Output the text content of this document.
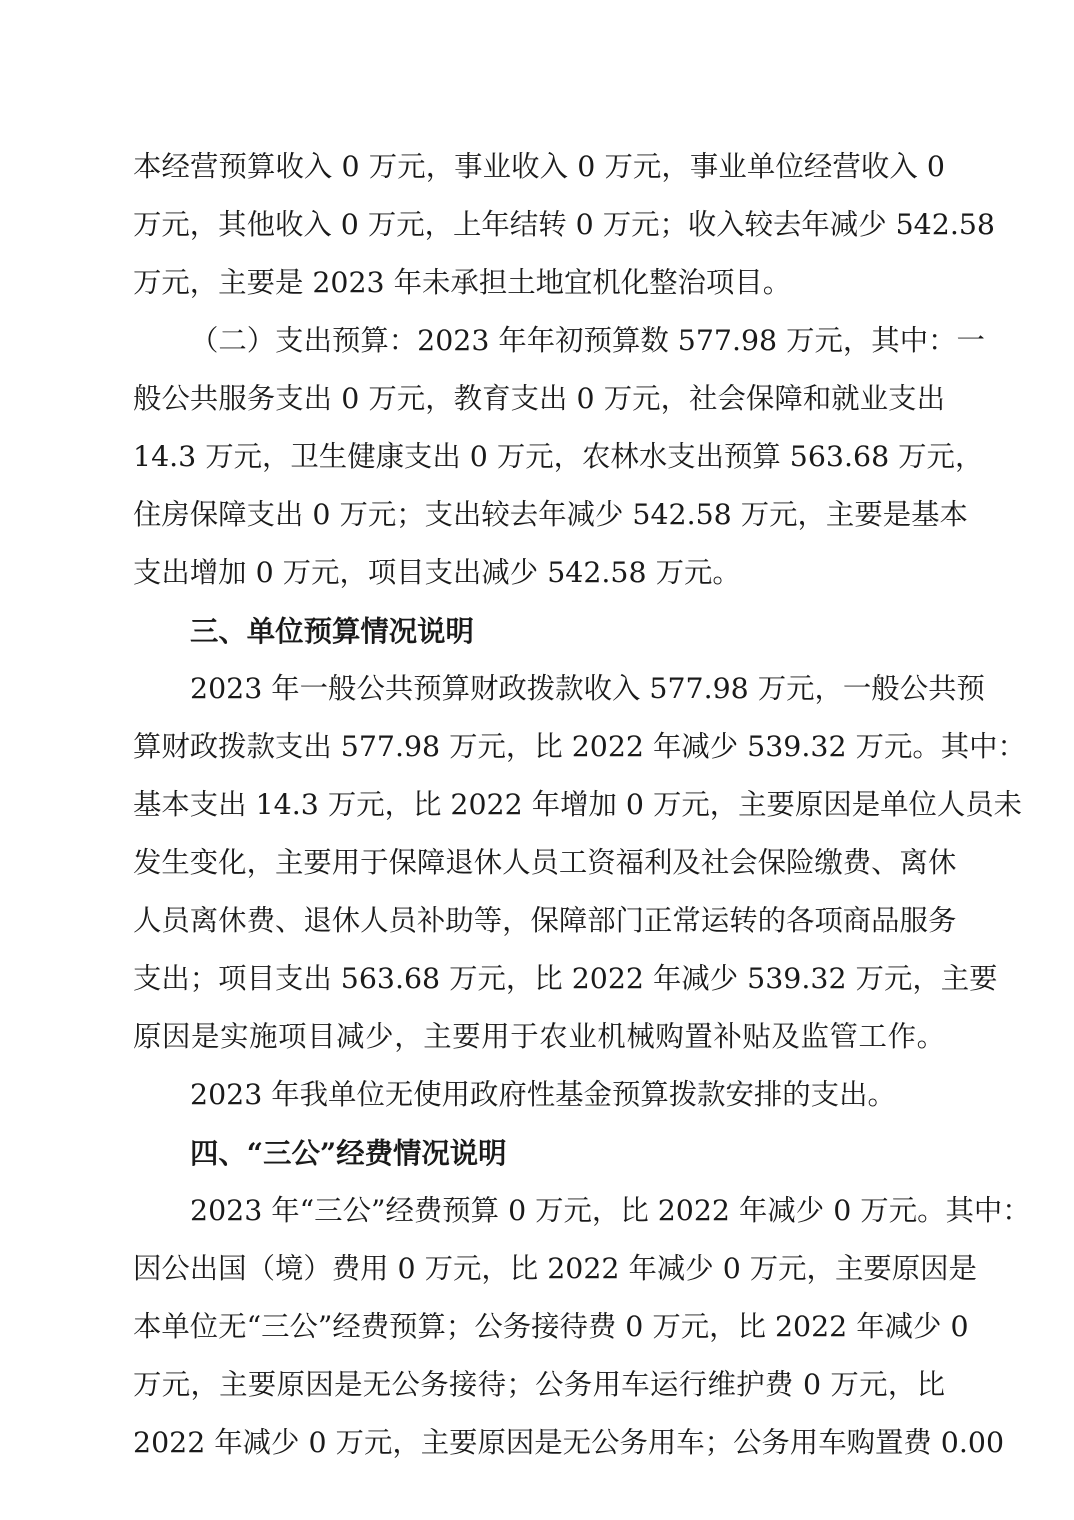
本经营预算收入 0 万元，事业收入 0 万元，事业单位经营收入 0
万元，其他收入 0 万元，上年结转 0 万元；收入较去年减少 542.58
万元，主要是 2023 年未承担土地宜机化整治项目。
（二）支出预算：2023 年年初预算数 577.98 万元，其中：一
般公共服务支出 0 万元，教育支出 0 万元，社会保障和就业支出
14.3 万元，卫生健康支出 0 万元，农林水支出预算 563.68 万元，
住房保障支出 0 万元；支出较去年减少 542.58 万元，主要是基本
支出增加 0 万元，项目支出减少 542.58 万元。
三、单位预算情况说明
2023 年一般公共预算财政拨款收入 577.98 万元，一般公共预
算财政拨款支出 577.98 万元，比 2022 年减少 539.32 万元。其中：
基本支出 14.3 万元，比 2022 年增加 0 万元，主要原因是单位人员未
发生变化，主要用于保障退休人员工资福利及社会保险缴费、离休
人员离休费、退休人员补助等，保障部门正常运转的各项商品服务
支出；项目支出 563.68 万元，比 2022 年减少 539.32 万元，主要
原因是实施项目减少，主要用于农业机械购置补贴及监管工作。
2023 年我单位无使用政府性基金预算拨款安排的支出。
四、“三公”经费情况说明
2023 年“三公”经费预算 0 万元，比 2022 年减少 0 万元。其中：
因公出国（境）费用 0 万元，比 2022 年减少 0 万元，主要原因是
本单位无“三公”经费预算；公务接待费 0 万元，比 2022 年减少 0
万元，主要原因是无公务接待；公务用车运行维护费 0 万元，比
2022 年减少 0 万元，主要原因是无公务用车；公务用车购置费 0.00
